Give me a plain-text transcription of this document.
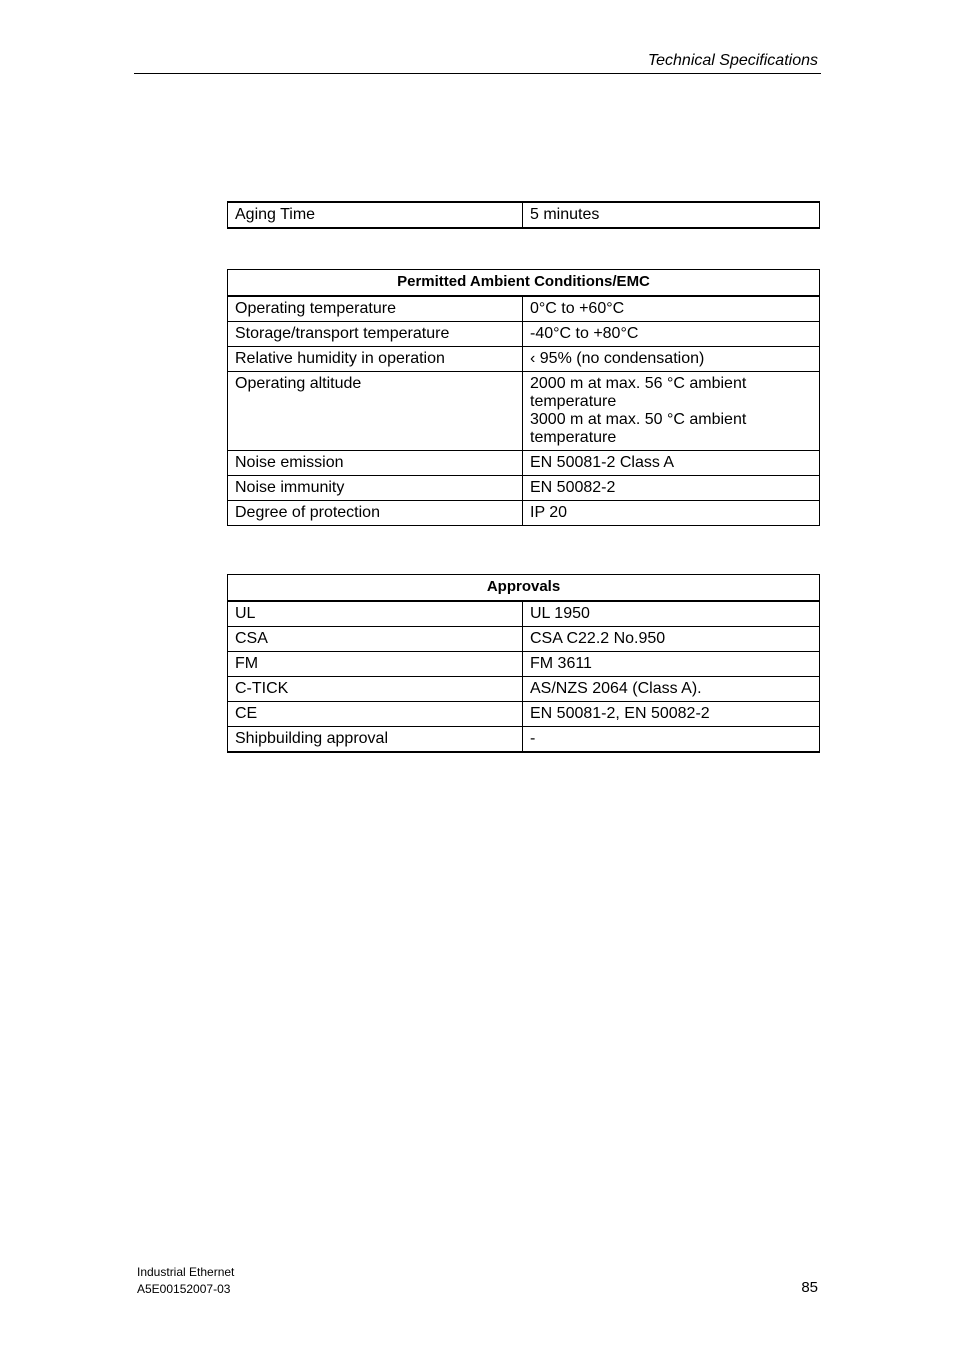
Technical Specifications
Aging Time	5 minutes
Permitted Ambient Conditions/EMC	
Operating temperature	0°C to +60°C
Storage/transport temperature	-40°C to +80°C
Relative humidity in operation	‹ 95% (no condensation)
Operating altitude	2000 m at max. 56 °C ambient temperature
3000 m at max. 50 °C ambient temperature

Noise emission	EN 50081-2 Class A
Noise immunity	EN 50082-2
Degree of protection	IP 20
Approvals	
UL	UL 1950
CSA	CSA C22.2 No.950
FM	FM 3611
C-TICK	AS/NZS 2064 (Class A).
CE	EN 50081-2, EN 50082-2
Shipbuilding approval	-
Industrial Ethernet
A5E00152007-03	85
